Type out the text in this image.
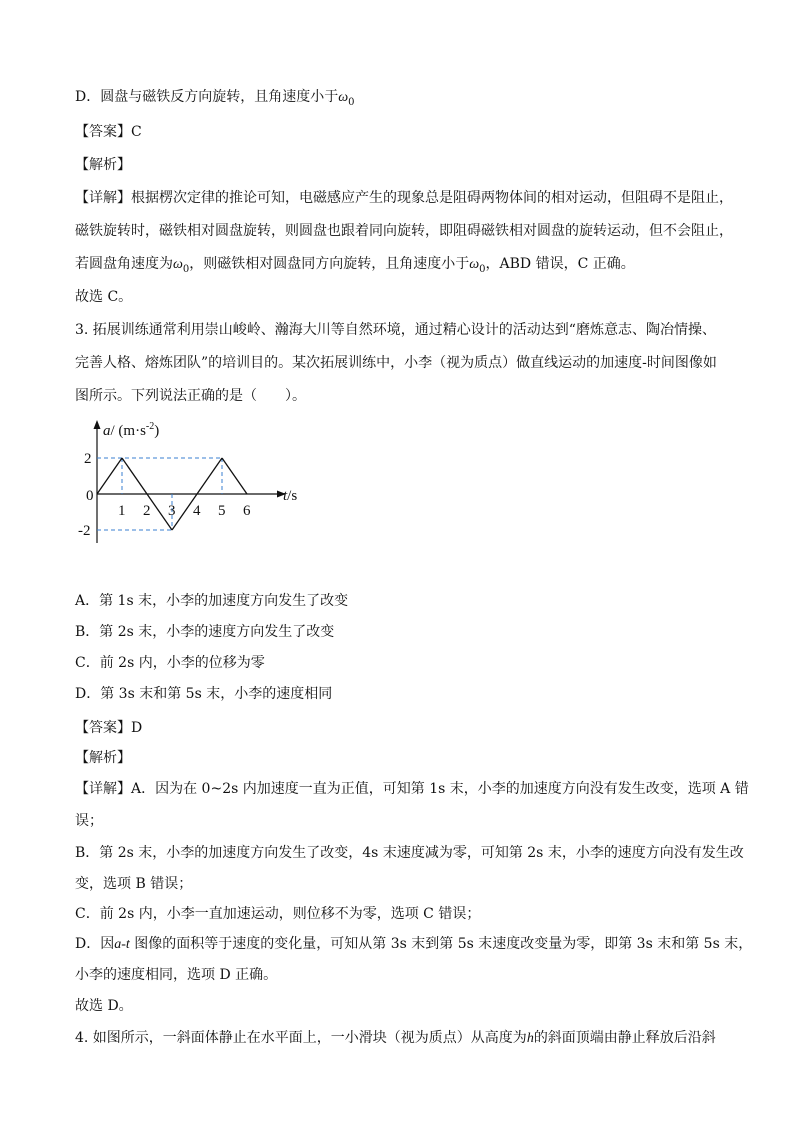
D．圆盘与磁铁反方向旋转，且角速度小于$\omega_0$
【答案】C
【解析】
【详解】根据楞次定律的推论可知，电磁感应产生的现象总是阻碍两物体间的相对运动，但阻碍不是阻止，
磁铁旋转时，磁铁相对圆盘旋转，则圆盘也跟着同向旋转，即阻碍磁铁相对圆盘的旋转运动，但不会阻止，
若圆盘角速度为$\omega_0$，则磁铁相对圆盘同方向旋转，且角速度小于$\omega_0$，ABD 错误，C 正确。
故选 C。
3. 拓展训练通常利用崇山峻岭、瀚海大川等自然环境，通过精心设计的活动达到“磨炼意志、陶冶情操、
完善人格、熔炼团队”的培训目的。某次拓展训练中，小李（视为质点）做直线运动的加速度-时间图像如
图所示。下列说法正确的是（　　）。
a/ $(m\cdot s^{-2})$
t/s
0
2
-2
1 2 3 4 5 6
A．第 1s 末，小李的加速度方向发生了改变
B．第 2s 末，小李的速度方向发生了改变
C．前 2s 内，小李的位移为零
D．第 3s 末和第 5s 末，小李的速度相同
【答案】D
【解析】
【详解】A．因为在 0~2s 内加速度一直为正值，可知第 1s 末，小李的加速度方向没有发生改变，选项 A 错
误；
B．第 2s 末，小李的加速度方向发生了改变，4s 末速度减为零，可知第 2s 末，小李的速度方向没有发生改
变，选项 B 错误；
C．前 2s 内，小李一直加速运动，则位移不为零，选项 C 错误；
D．因a-t 图像的面积等于速度的变化量，可知从第 3s 末到第 5s 末速度改变量为零，即第 3s 末和第 5s 末，
小李的速度相同，选项 D 正确。
故选 D。
4. 如图所示，一斜面体静止在水平面上，一小滑块（视为质点）从高度为h的斜面顶端由静止释放后沿斜
